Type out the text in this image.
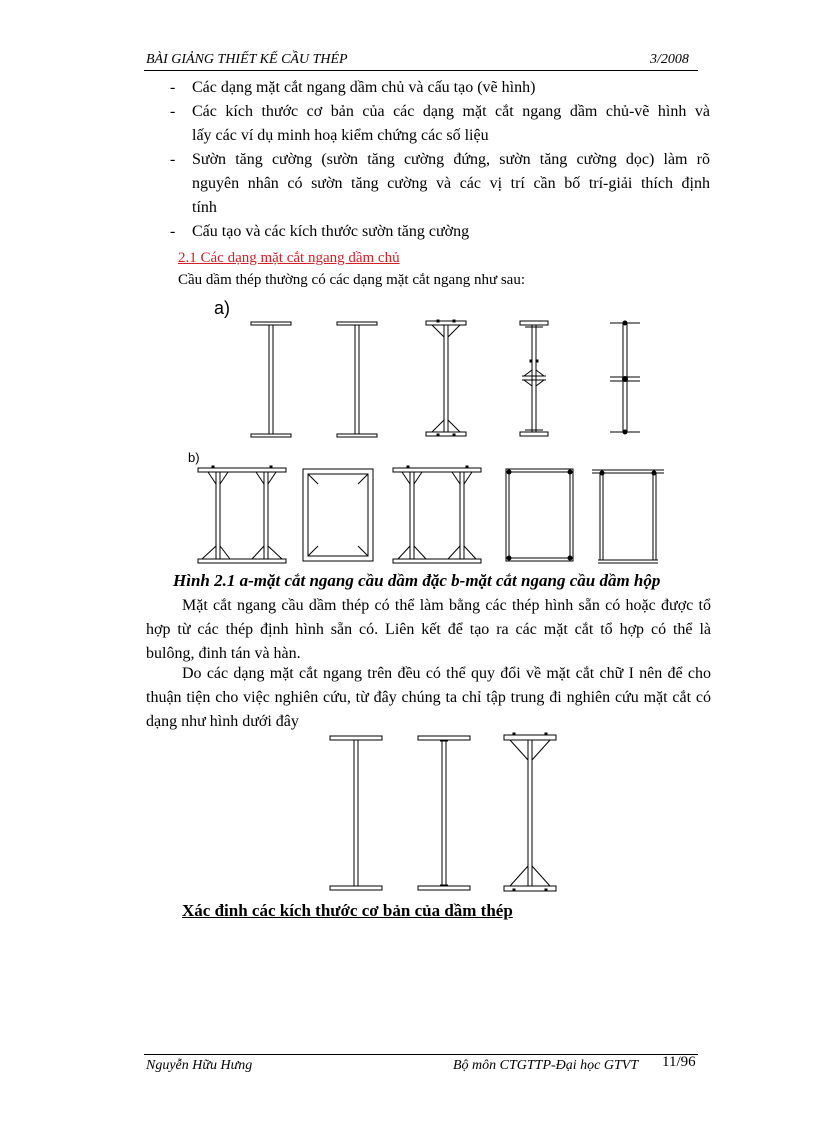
BÀI GIẢNG THIẾT KẾ CẦU THÉP	3/2008
-	Các dạng mặt cắt ngang dầm chủ và cấu tạo (vẽ hình)
-	Các kích thước cơ bản của các dạng mặt cắt ngang dầm chủ-vẽ hình và
lấy các ví dụ minh hoạ kiểm chứng các số liệu
-	Sườn tăng cường (sườn tăng cường đứng, sườn tăng cường dọc) làm rõ
nguyên nhân có sườn tăng cường và các vị trí cần bố trí-giải thích định
tính
-	Cấu tạo và các kích thước sườn tăng cường
2.1 Các dạng mặt cắt ngang dầm chủ
Cầu dầm thép thường có các dạng mặt cắt ngang như sau:
a)
b)
Hình 2.1 a-mặt cắt ngang cầu dầm đặc b-mặt cắt ngang cầu dầm hộp
Mặt cắt ngang cầu dầm thép có thể làm bằng các thép hình sẵn có hoặc được tổ
hợp từ các thép định hình sẵn có. Liên kết để tạo ra các mặt cắt tổ hợp có thể là
bulông, đinh tán và hàn.
Do các dạng mặt cắt ngang trên đều có thể quy đổi về mặt cắt chữ I nên để cho
thuận tiện cho việc nghiên cứu, từ đây chúng ta chỉ tập trung đi nghiên cứu mặt cắt có
dạng như hình dưới đây
Xác đinh các kích thước cơ bản của dầm thép
Nguyễn Hữu Hưng	Bộ môn CTGTTP-Đại học GTVT 11/96
